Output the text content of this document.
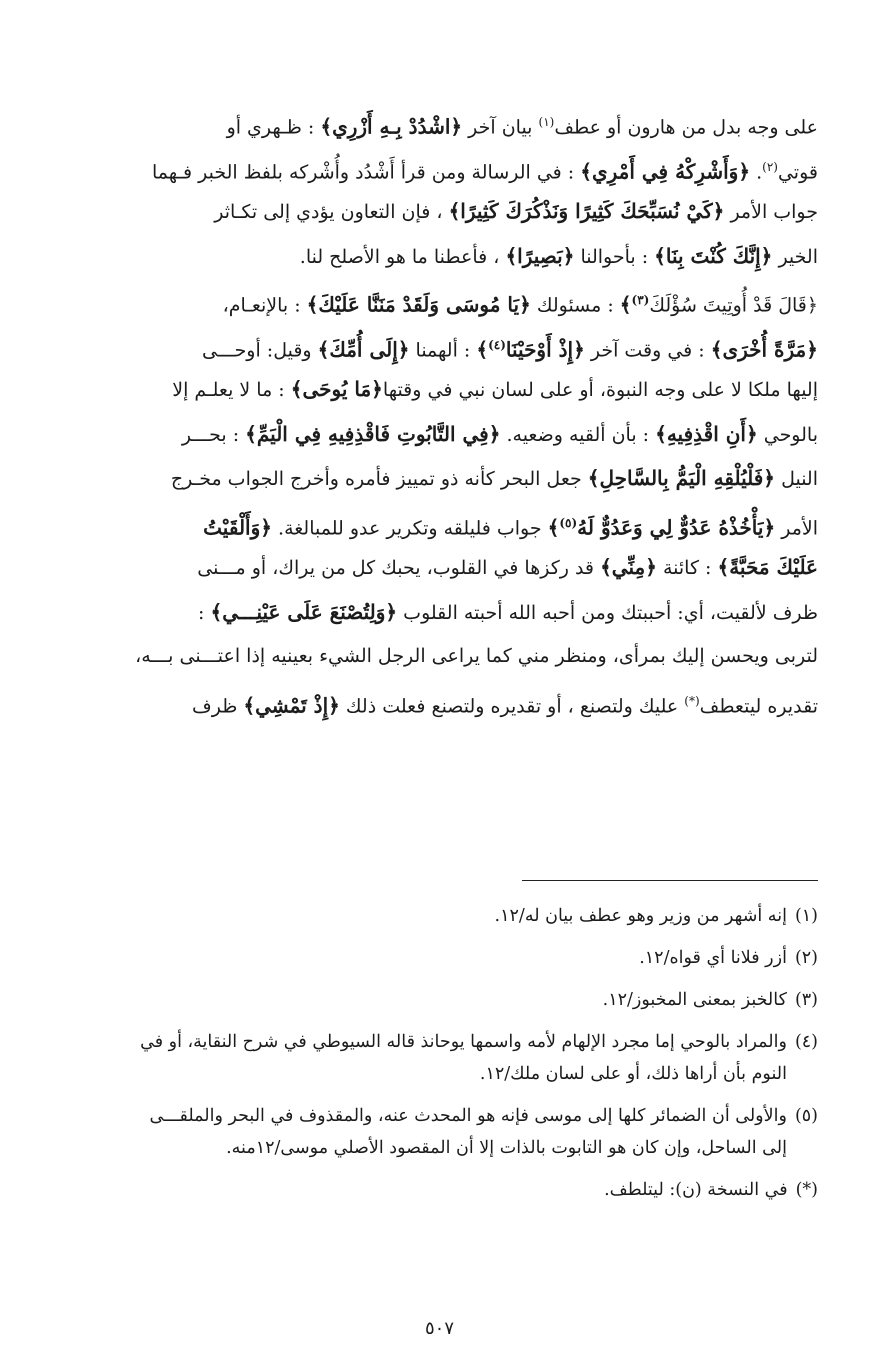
على وجه بدل من هارون أو عطف$^{(١)}$ بيان آخر ﴿اشْدُدْ بِـهِ أَزْرِي﴾ : ظـهري أو
قوتي$^{(٢)}$. ﴿وَأَشْرِكْهُ فِي أَمْرِي﴾ : في الرسالة ومن قرأ أَشْدُد وأُشْركه بلفظ الخبر فـهما
جواب الأمر ﴿كَيْ نُسَبِّحَكَ كَثِيرًا وَنَذْكُرَكَ كَثِيرًا﴾ ، فإن التعاون يؤدي إلى تكـاثر
الخير ﴿إِنَّكَ كُنْتَ بِنَا﴾ : بأحوالنا ﴿بَصِيرًا﴾ ، فأعطنا ما هو الأصلح لنا.
﴿قَالَ قَدْ أُوتِيتَ سُؤْلَكَ$^{(٣)}$﴾ : مسئولك ﴿يَا مُوسَى وَلَقَدْ مَنَنَّا عَلَيْكَ﴾ : بالإنعـام،
﴿مَرَّةً أُخْرَى﴾ : في وقت آخر ﴿إِذْ أَوْحَيْنَا$^{(٤)}$﴾ : ألهمنا ﴿إِلَى أُمِّكَ﴾ وقيل: أوحـــى
إليها ملكا لا على وجه النبوة، أو على لسان نبي في وقتها﴿مَا يُوحَى﴾ : ما لا يعلـم إلا
بالوحي ﴿أَنِ اقْذِفِيهِ﴾ : بأن ألقيه وضعيه. ﴿فِي التَّابُوتِ فَاقْذِفِيهِ فِي الْيَمِّ﴾ : بحـــر
النيل ﴿فَلْيُلْقِهِ الْيَمُّ بِالسَّاحِلِ﴾ جعل البحر كأنه ذو تمييز فأمره وأخرج الجواب مخـرج
الأمر ﴿يَأْخُذْهُ عَدُوٌّ لِي وَعَدُوٌّ لَهُ$^{(٥)}$﴾ جواب فليلقه وتكرير عدو للمبالغة. ﴿وَأَلْقَيْتُ
عَلَيْكَ مَحَبَّةً﴾ : كائنة ﴿مِنِّي﴾ قد ركزها في القلوب، يحبك كل من يراك، أو مـــنى
ظرف لألقيت، أي: أحببتك ومن أحبه الله أحبته القلوب ﴿وَلِتُصْنَعَ عَلَى عَيْنِـــي﴾ :
لتربى ويحسن إليك بمرأى، ومنظر مني كما يراعى الرجل الشيء بعينيه إذا اعتـــنى بـــه،
تقديره ليتعطف(*) عليك ولتصنع ، أو تقديره ولتصنع فعلت ذلك ﴿إِذْ تَمْشِي﴾ ظرف
(١)
إنه أشهر من وزير وهو عطف بيان له/١٢.
(٢)
أزر فلانا أي قواه/١٢.
(٣)
كالخبز بمعنى المخبوز/١٢.
(٤)
والمراد بالوحي إما مجرد الإلهام لأمه واسمها يوحانذ قاله السيوطي في شرح النقاية، أو في
النوم بأن أراها ذلك، أو على لسان ملك/١٢.
(٥)
والأولى أن الضمائر كلها إلى موسى فإنه هو المحدث عنه، والمقذوف في البحر والملقـــى
إلى الساحل، وإن كان هو التابوت بالذات إلا أن المقصود الأصلي موسى/١٢منه.
(*)
في النسخة (ن): ليتلطف.
٥٠٧
